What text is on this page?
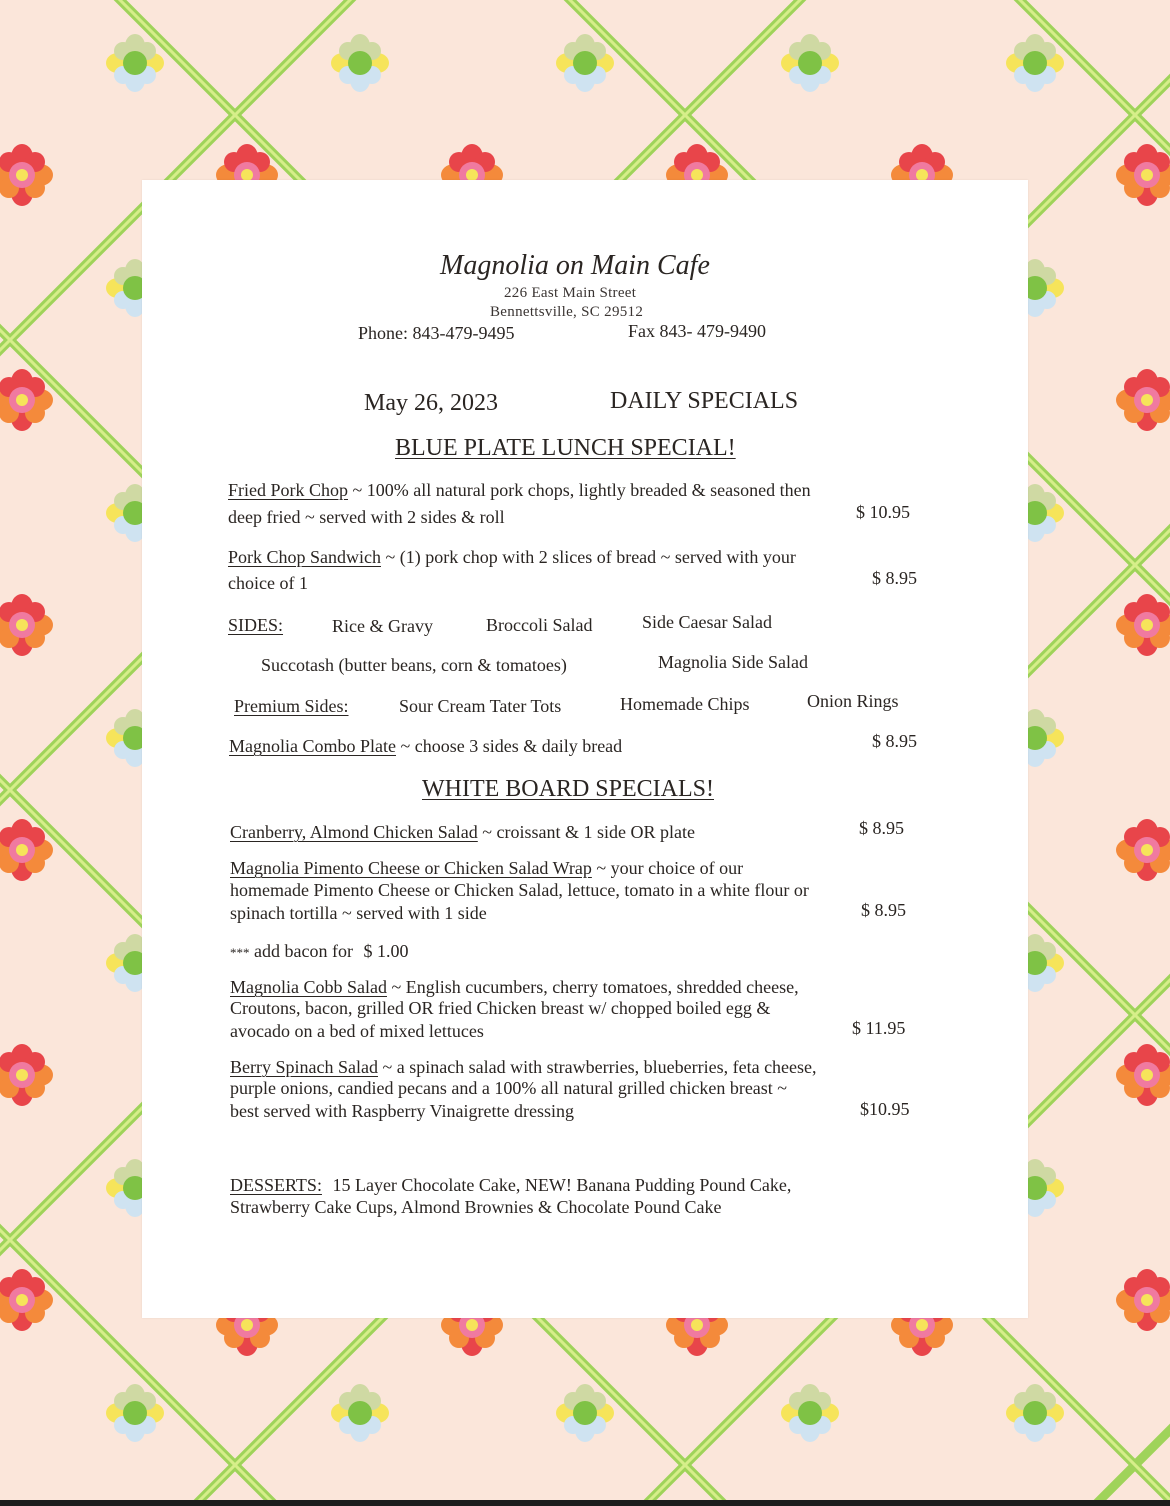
Magnolia on Main Cafe
226 East Main Street
Bennettsville, SC 29512
Phone: 843-479-9495	Fax 843- 479-9490
May 26, 2023	DAILY SPECIALS
BLUE PLATE LUNCH SPECIAL!
Fried Pork Chop ~ 100% all natural pork chops, lightly breaded & seasoned then
deep fried ~ served with 2 sides & roll	$ 10.95
Pork Chop Sandwich ~ (1) pork chop with 2 slices of bread ~ served with your
choice of 1	$ 8.95
SIDES:	Rice & Gravy	Broccoli Salad	Side Caesar Salad
Succotash (butter beans, corn & tomatoes)	Magnolia Side Salad
Premium Sides:	Sour Cream Tater Tots	Homemade Chips	Onion Rings
Magnolia Combo Plate ~ choose 3 sides & daily bread	$ 8.95
WHITE BOARD SPECIALS!
Cranberry, Almond Chicken Salad ~ croissant & 1 side OR plate	$ 8.95
Magnolia Pimento Cheese or Chicken Salad Wrap ~ your choice of our
homemade Pimento Cheese or Chicken Salad, lettuce, tomato in a white flour or
spinach tortilla ~ served with 1 side	$ 8.95
*** add bacon for $ 1.00
Magnolia Cobb Salad ~ English cucumbers, cherry tomatoes, shredded cheese,
Croutons, bacon, grilled OR fried Chicken breast w/ chopped boiled egg &
avocado on a bed of mixed lettuces	$ 11.95
Berry Spinach Salad ~ a spinach salad with strawberries, blueberries, feta cheese,
purple onions, candied pecans and a 100% all natural grilled chicken breast ~
best served with Raspberry Vinaigrette dressing	$10.95
DESSERTS: 15 Layer Chocolate Cake, NEW! Banana Pudding Pound Cake,
Strawberry Cake Cups, Almond Brownies & Chocolate Pound Cake
